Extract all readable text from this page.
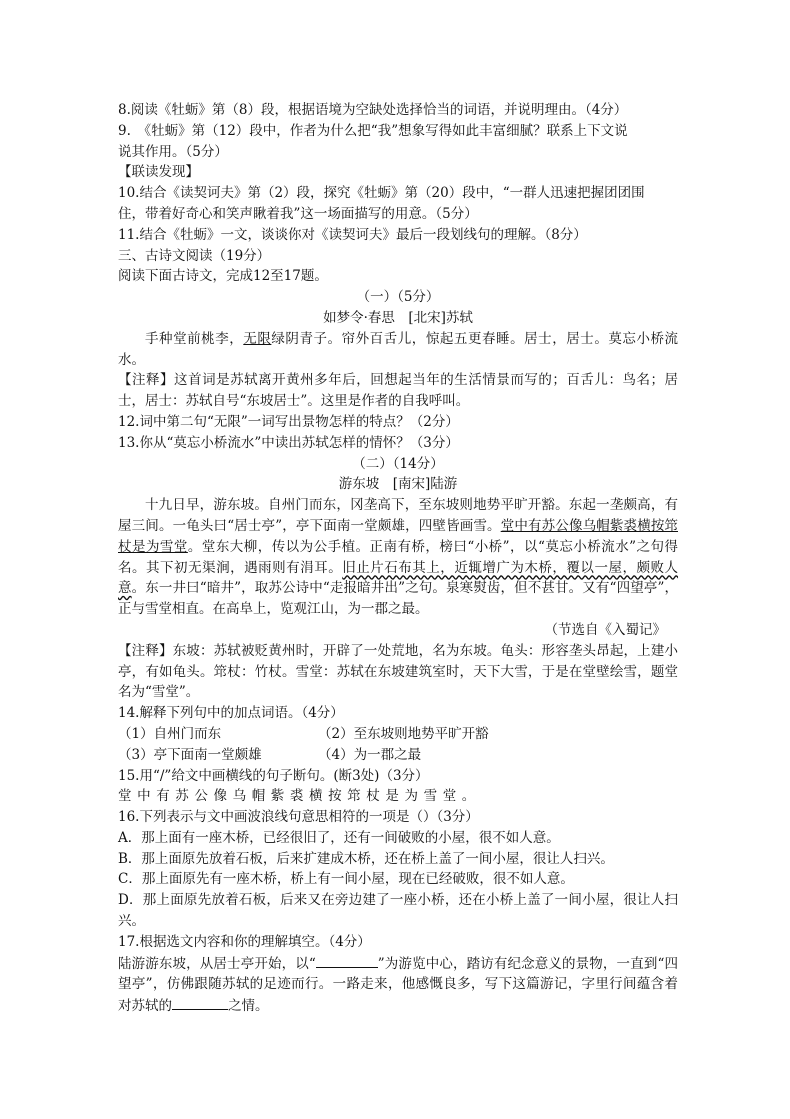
8.阅读《牡蛎》第（8）段，根据语境为空缺处选择恰当的词语，并说明理由。（4分）
9.　《牡蛎》第（12）段中，作者为什么把“我”想象写得如此丰富细腻？联系上下文说
说其作用。（5分）
【联读发现】
10.结合《读契诃夫》第（2）段，探究《牡蛎》第（20）段中，“一群人迅速把握团团围
住，带着好奇心和笑声瞅着我”这一场面描写的用意。（5分）
11.结合《牡蛎》一文，谈谈你对《读契诃夫》最后一段划线句的理解。（8分）
三、古诗文阅读（19分）
阅读下面古诗文，完成12至17题。
（一）（5分）
如梦令·春思　[北宋]苏轼
手种堂前桃李，无限绿阴青子。帘外百舌儿，惊起五更春睡。居士，居士。莫忘小桥流水。
【注释】这首词是苏轼离开黄州多年后，回想起当年的生活情景而写的；百舌儿：鸟名；居士，居士：苏轼自号“东坡居士”。这里是作者的自我呼叫。
12.词中第二句“无限”一词写出景物怎样的特点？（2分）
13.你从“莫忘小桥流水”中读出苏轼怎样的情怀？（3分）
（二）（14分）
游东坡　[南宋]陆游
十九日早，游东坡。自州门而东，冈垄高下，至东坡则地势平旷开豁。东起一垄颇高，有屋三间。一龟头曰“居士亭”，亭下面南一堂颇雄，四壁皆画雪。堂中有苏公像乌帽紫裘横按筇杖是为雪堂。堂东大柳，传以为公手植。正南有桥，榜曰“小桥”，以“莫忘小桥流水”之句得名。其下初无渠涧，遇雨则有涓耳。旧止片石布其上，近辄增广为木桥，覆以一屋，颇败人意。东一井曰“暗井”，取苏公诗中“走报暗井出”之句。泉寒熨齿，但不甚甘。又有“四望亭”，正与雪堂相直。在高阜上，览观江山，为一郡之最。
（节选自《入蜀记》
【注释】东坡：苏轼被贬黄州时，开辟了一处荒地，名为东坡。龟头：形容垄头昂起，上建小亭，有如龟头。筇杖：竹杖。雪堂：苏轼在东坡建筑室时，天下大雪，于是在堂壁绘雪，题堂名为“雪堂”。
14.解释下列句中的加点词语。（4分）
（1）自州门而东	（2）至东坡则地势平旷开豁
（3）亭下面南一堂颇雄	（4）为一郡之最
15.用“/”给文中画横线的句子断句。(断3处)（3分）
堂中有苏公像乌帽紫裘横按筇杖是为雪堂。
16.下列表示与文中画波浪线句意思相符的一项是（）（3分）
A．那上面有一座木桥，已经很旧了，还有一间破败的小屋，很不如人意。
B．那上面原先放着石板，后来扩建成木桥，还在桥上盖了一间小屋，很让人扫兴。
C．那上面原先有一座木桥，桥上有一间小屋，现在已经破败，很不如人意。
D．那上面原先放着石板，后来又在旁边建了一座小桥，还在小桥上盖了一间小屋，很让人扫兴。
17.根据选文内容和你的理解填空。（4分）
陆游游东坡，从居士亭开始，以“	”为游览中心，踏访有纪念意义的景物，一直到“四望亭”，仿佛跟随苏轼的足迹而行。一路走来，他感慨良多，写下这篇游记，字里行间蕴含着对苏轼的	之情。
